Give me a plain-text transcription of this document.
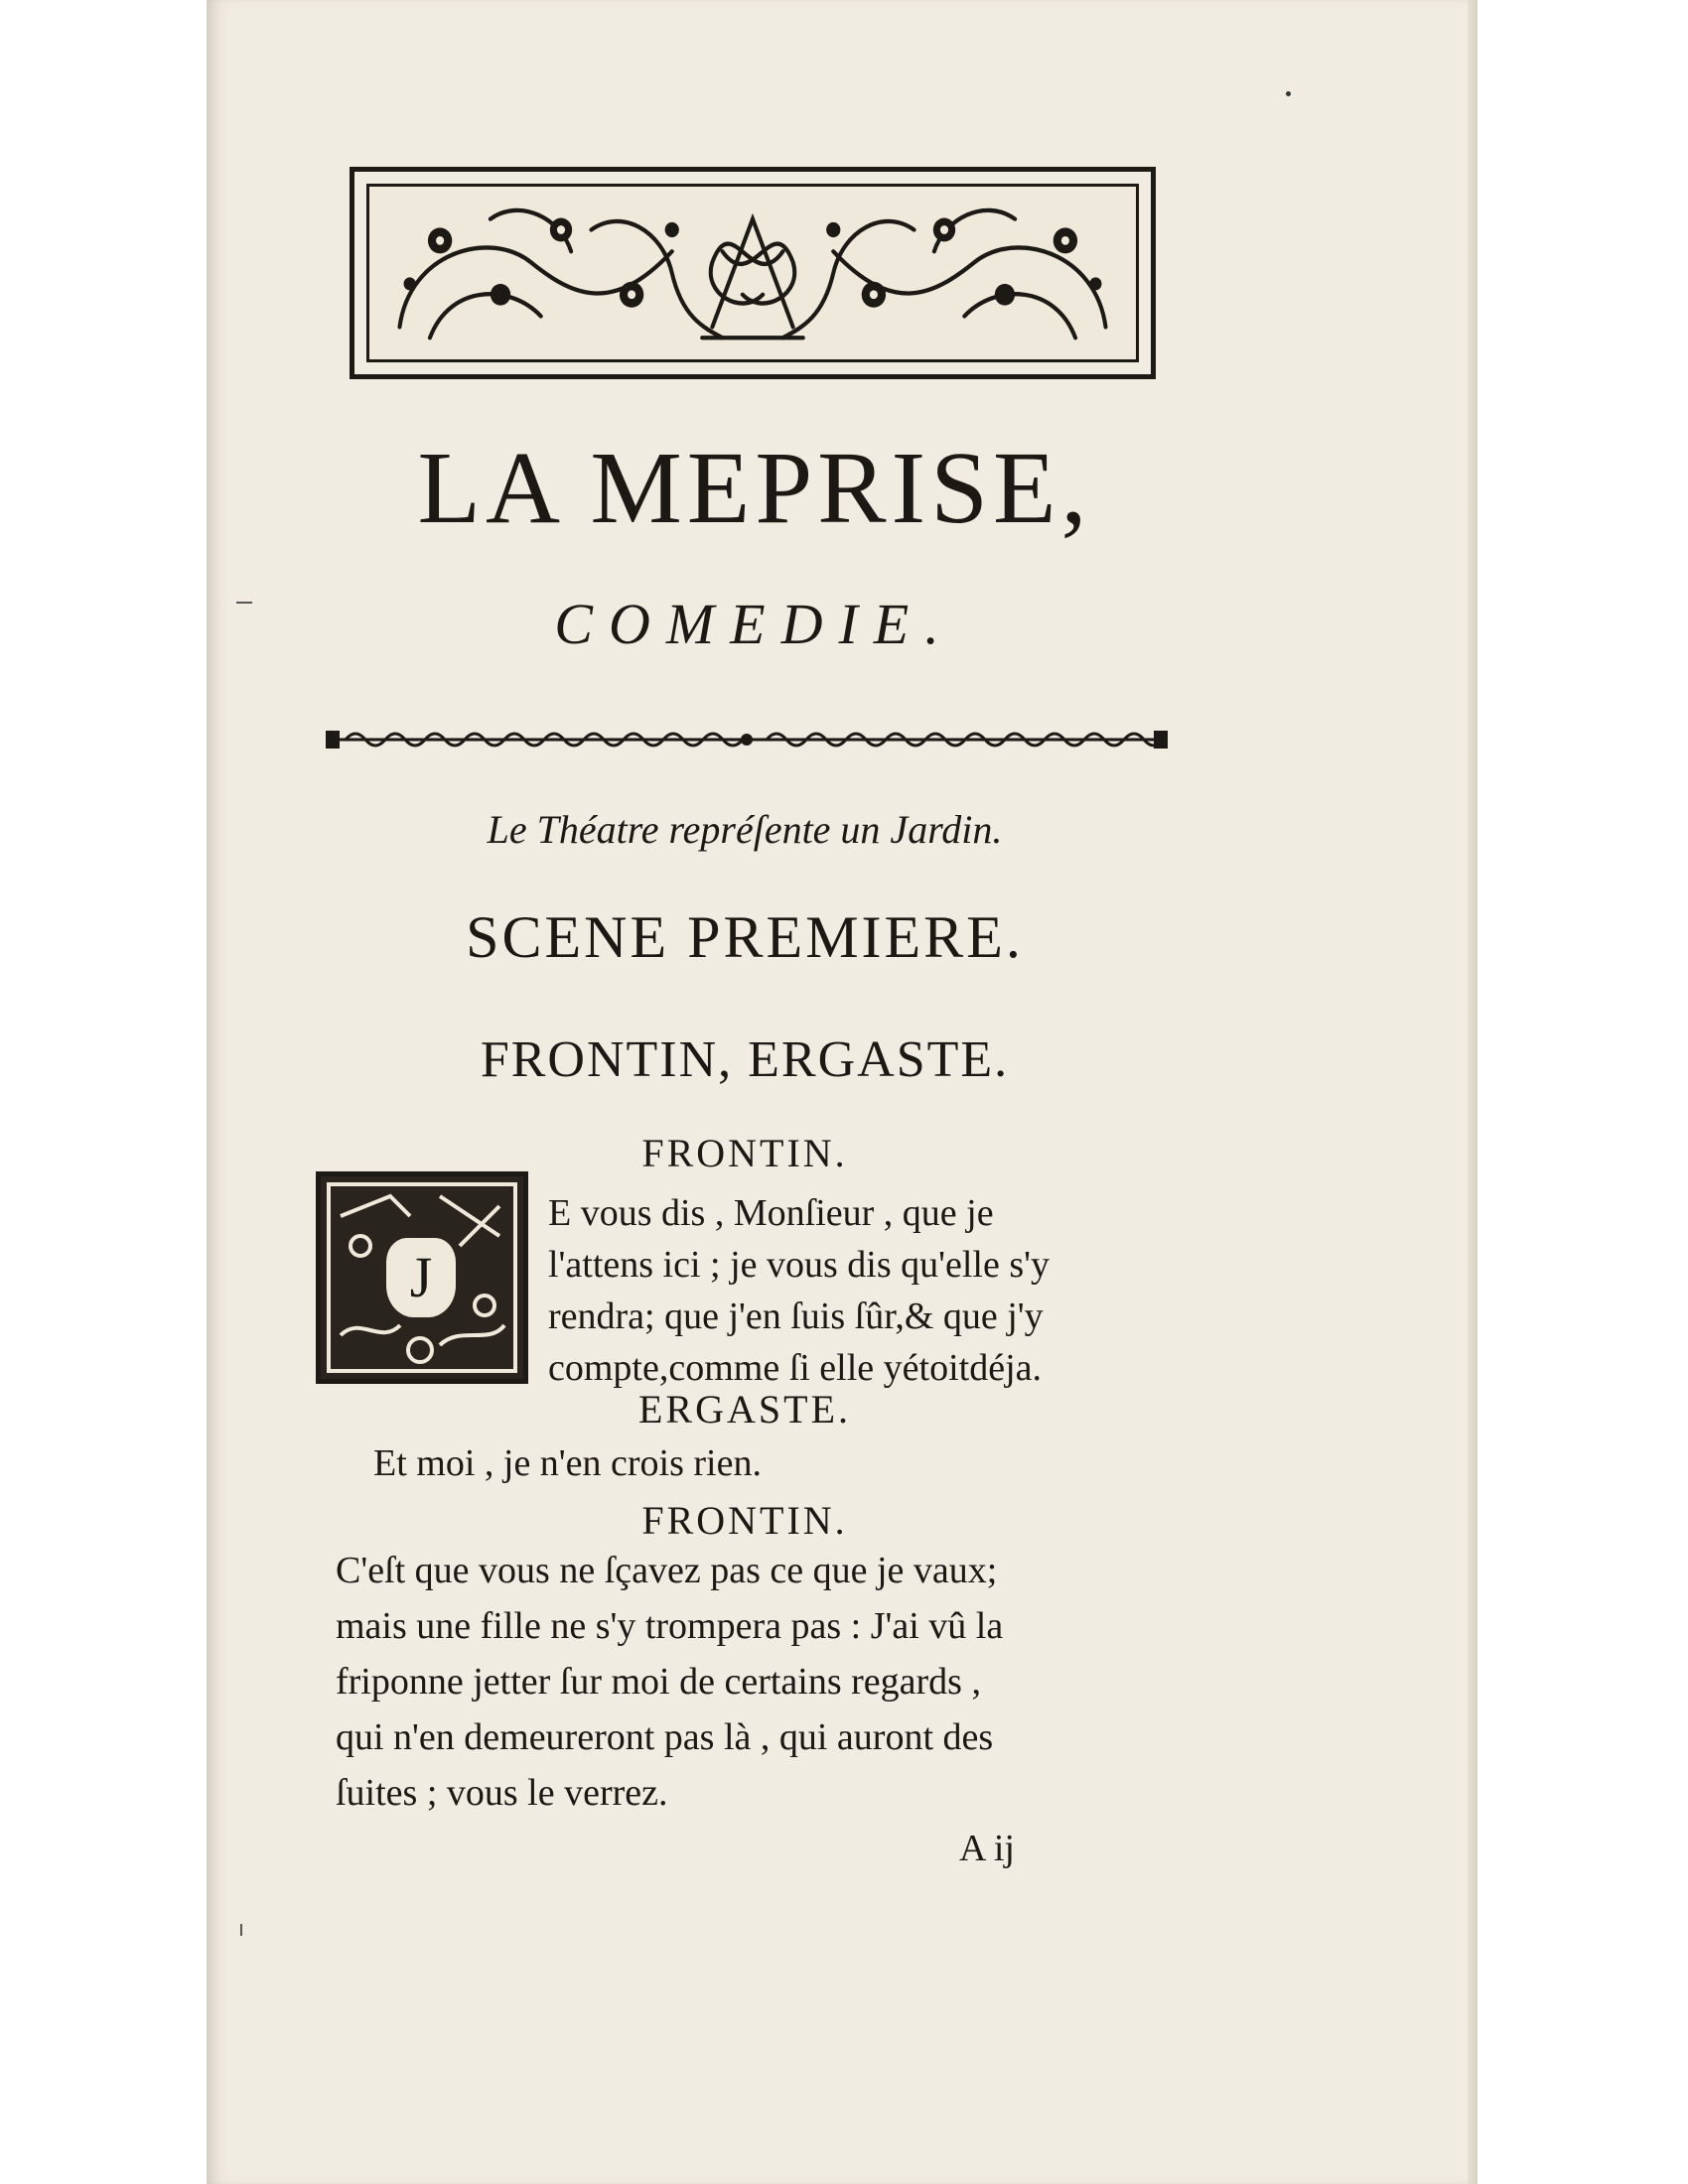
LA MEPRISE,
COMEDIE.
Le Théatre repréſente un Jardin.
SCENE PREMIERE.
FRONTIN, ERGASTE.
FRONTIN.
J
E vous dis , Monſieur , que je
l'attens ici ; je vous dis qu'elle s'y
rendra; que j'en ſuis ſûr,& que j'y
compte,comme ſi elle yétoitdéja.
ERGASTE.
Et moi , je n'en crois rien.
FRONTIN.
C'eſt que vous ne ſçavez pas ce que je vaux;
mais une fille ne s'y trompera pas : J'ai vû la
friponne jetter ſur moi de certains regards ,
qui n'en demeureront pas là , qui auront des
ſuites ; vous le verrez.
A ij
